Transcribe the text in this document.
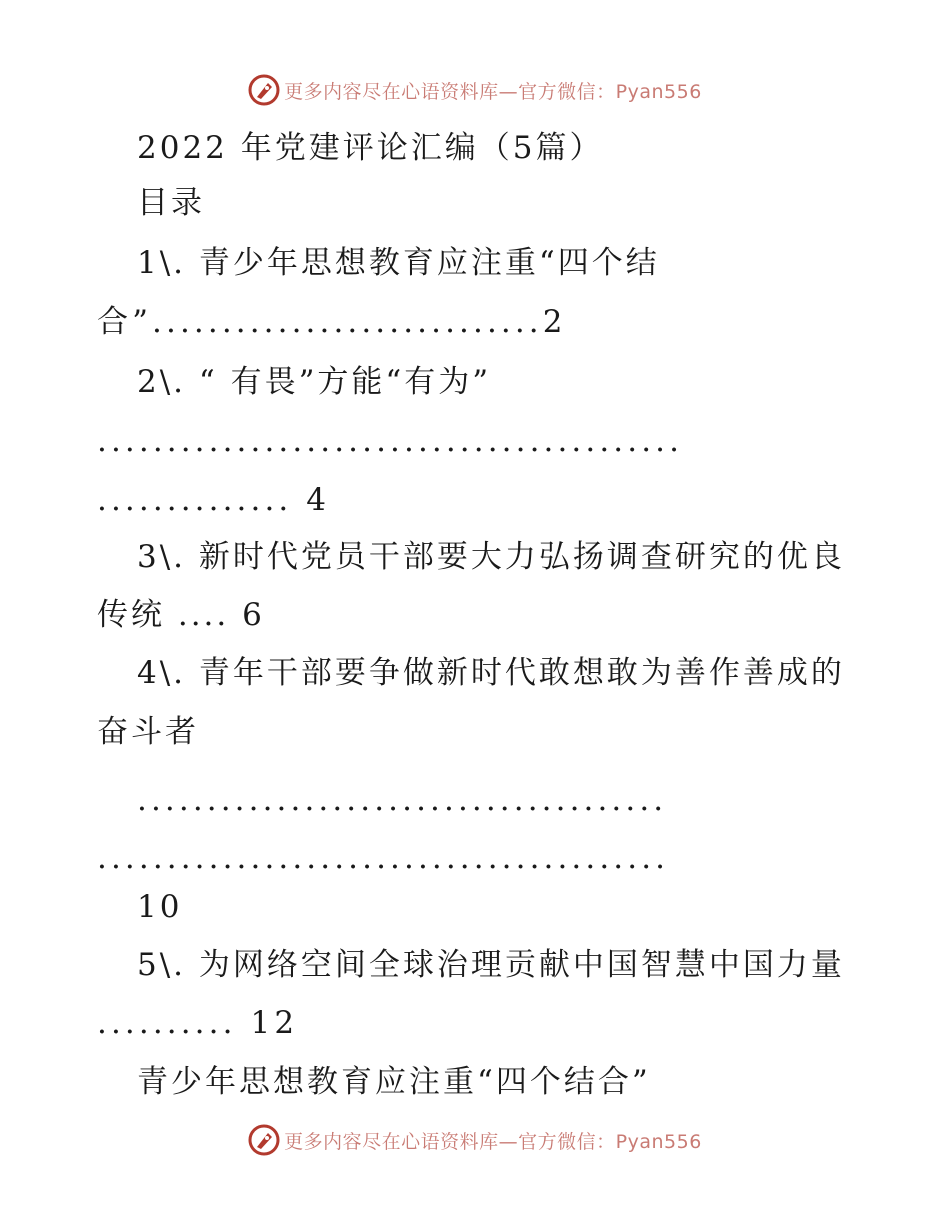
更多内容尽在心语资料库—官方微信：Pyan556
2022 年党建评论汇编（5篇）
目录
1\. 青少年思想教育应注重“四个结
合”............................2
2\. “ 有畏”方能“有为”
..........................................
.............. 4
3\. 新时代党员干部要大力弘扬调查研究的优良
传统 .... 6
4\. 青年干部要争做新时代敢想敢为善作善成的
奋斗者
......................................
.........................................
10
5\. 为网络空间全球治理贡献中国智慧中国力量
.......... 12
青少年思想教育应注重“四个结合”
更多内容尽在心语资料库—官方微信：Pyan556
